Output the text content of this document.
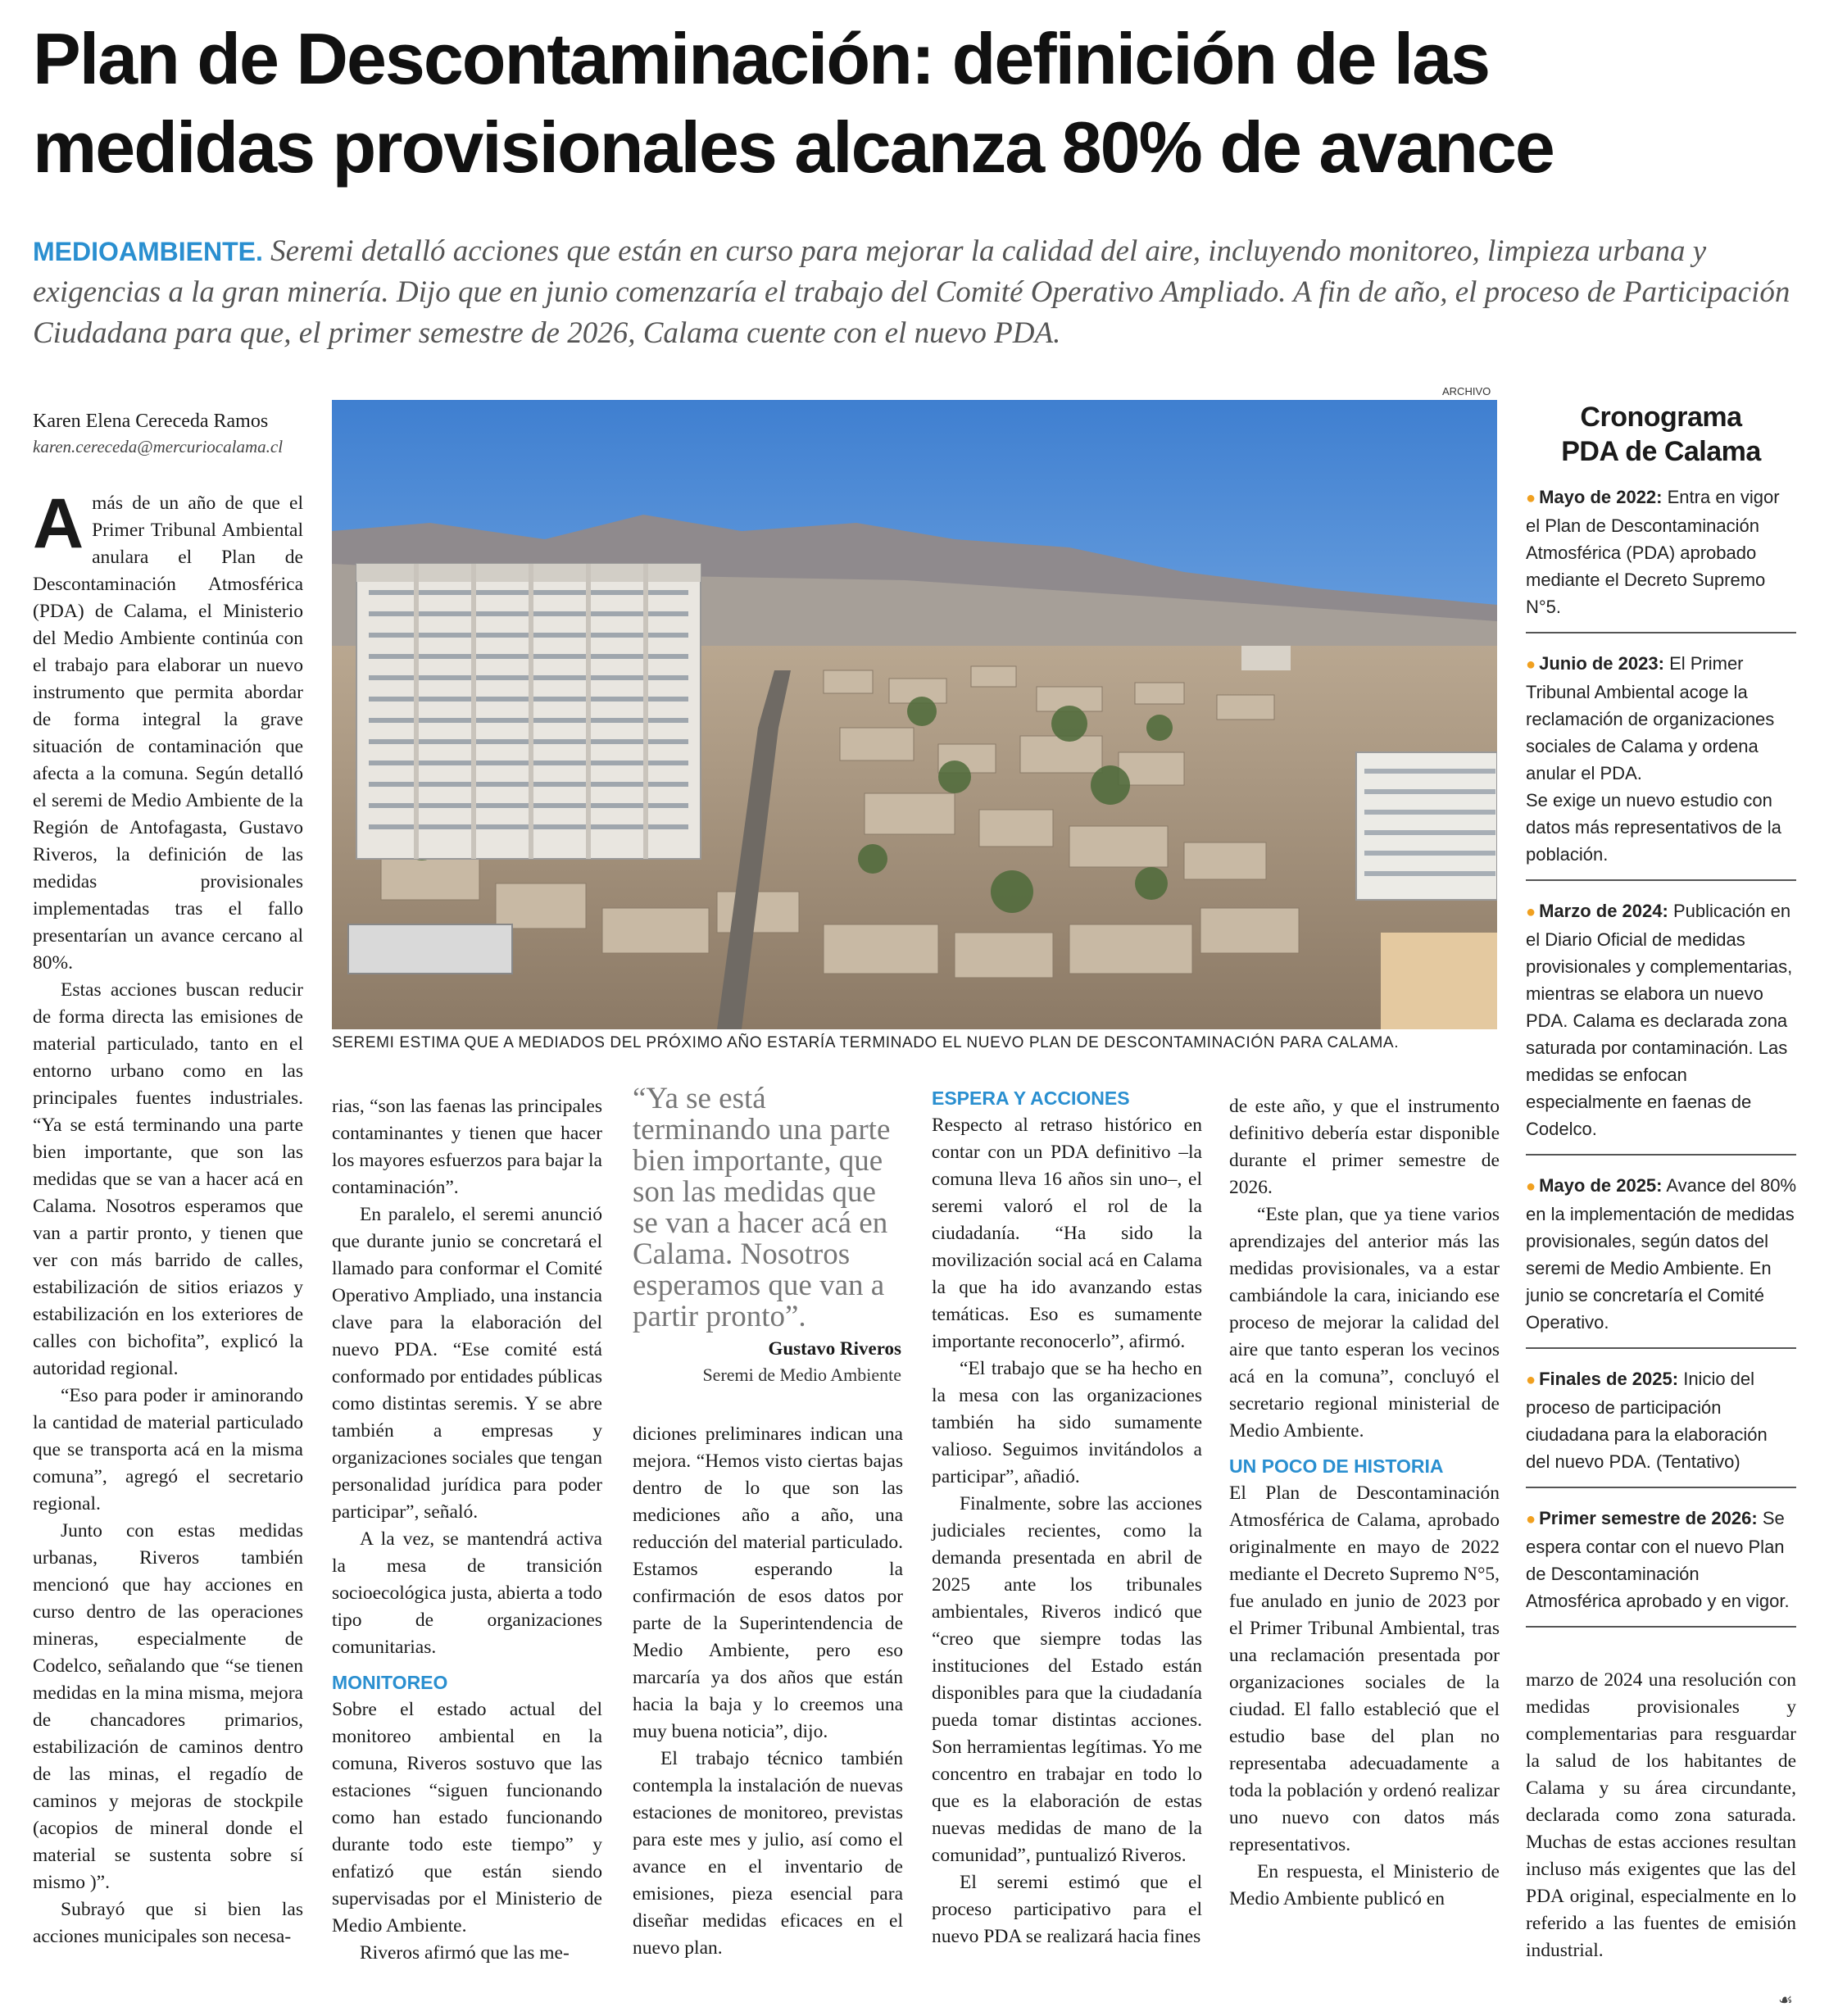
Plan de Descontaminación: definición de las
medidas provisionales alcanza 80% de avance
MEDIOAMBIENTE. Seremi detalló acciones que están en curso para mejorar la calidad del aire, incluyendo monitoreo, limpieza urbana y exigencias a la gran minería. Dijo que en junio comenzaría el trabajo del Comité Operativo Ampliado. A fin de año, el proceso de Participación Ciudadana para que, el primer semestre de 2026, Calama cuente con el nuevo PDA.
Karen Elena Cereceda Ramos
karen.cereceda@mercuriocalama.cl

Amás de un año de que el Primer Tribunal Ambiental anulara el Plan de Descontaminación Atmosférica (PDA) de Calama, el Ministerio del Medio Ambiente continúa con el trabajo para elaborar un nuevo instrumento que permita abordar de forma integral la grave situación de contaminación que afecta a la comuna. Según detalló el seremi de Medio Ambiente de la Región de Antofagasta, Gustavo Riveros, la definición de las medidas provisionales implementadas tras el fallo presentarían un avance cercano al 80%.

Estas acciones buscan reducir de forma directa las emisiones de material particulado, tanto en el entorno urbano como en las principales fuentes industriales. “Ya se está terminando una parte bien importante, que son las medidas que se van a hacer acá en Calama. Nosotros esperamos que van a partir pronto, y tienen que ver con más barrido de calles, estabilización de sitios eriazos y estabilización en los exteriores de calles con bichofita”, explicó la autoridad regional.

“Eso para poder ir aminorando la cantidad de material particulado que se transporta acá en la misma comuna”, agregó el secretario regional.

Junto con estas medidas urbanas, Riveros también mencionó que hay acciones en curso dentro de las operaciones mineras, especialmente de Codelco, señalando que “se tienen medidas en la mina misma, mejora de chancadores primarios, estabilización de caminos dentro de las minas, el regadío de caminos y mejoras de stockpile (acopios de mineral donde el material se sustenta sobre sí mismo )”.

Subrayó que si bien las acciones municipales son necesa-

ARCHIVO
SEREMI ESTIMA QUE A MEDIADOS DEL PRÓXIMO AÑO ESTARÍA TERMINADO EL NUEVO PLAN DE DESCONTAMINACIÓN PARA CALAMA.

rias, “son las faenas las principales contaminantes y tienen que hacer los mayores esfuerzos para bajar la contaminación”.

En paralelo, el seremi anunció que durante junio se concretará el llamado para conformar el Comité Operativo Ampliado, una instancia clave para la elaboración del nuevo PDA. “Ese comité está conformado por entidades públicas como distintas seremis. Y se abre también a empresas y organizaciones sociales que tengan personalidad jurídica para poder participar”, señaló.

A la vez, se mantendrá activa la mesa de transición socioecológica justa, abierta a todo tipo de organizaciones comunitarias.

MONITOREO

Sobre el estado actual del monitoreo ambiental en la comuna, Riveros sostuvo que las estaciones “siguen funcionando como han estado funcionando durante todo este tiempo” y enfatizó que están siendo supervisadas por el Ministerio de Medio Ambiente.

Riveros afirmó que las me-

“Ya se está terminando una parte bien importante, que son las medidas que se van a hacer acá en Calama. Nosotros esperamos que van a partir pronto”.
Gustavo Riveros
Seremi de Medio Ambiente

diciones preliminares indican una mejora. “Hemos visto ciertas bajas dentro de lo que son las mediciones año a año, una reducción del material particulado. Estamos esperando la confirmación de esos datos por parte de la Superintendencia de Medio Ambiente, pero eso marcaría ya dos años que están hacia la baja y lo creemos una muy buena noticia”, dijo.

El trabajo técnico también contempla la instalación de nuevas estaciones de monitoreo, previstas para este mes y julio, así como el avance en el inventario de emisiones, pieza esencial para diseñar medidas eficaces en el nuevo plan.

ESPERA Y ACCIONES

Respecto al retraso histórico en contar con un PDA definitivo –la comuna lleva 16 años sin uno–, el seremi valoró el rol de la ciudadanía. “Ha sido la movilización social acá en Calama la que ha ido avanzando estas temáticas. Eso es sumamente importante reconocerlo”, afirmó.

“El trabajo que se ha hecho en la mesa con las organizaciones también ha sido sumamente valioso. Seguimos invitándolos a participar”, añadió.

Finalmente, sobre las acciones judiciales recientes, como la demanda presentada en abril de 2025 ante los tribunales ambientales, Riveros indicó que “creo que siempre todas las instituciones del Estado están disponibles para que la ciudadanía pueda tomar distintas acciones. Son herramientas legítimas. Yo me concentro en trabajar en todo lo que es la elaboración de estas nuevas medidas de mano de la comunidad”, puntualizó Riveros.

El seremi estimó que el proceso participativo para el nuevo PDA se realizará hacia fines

de este año, y que el instrumento definitivo debería estar disponible durante el primer semestre de 2026.

“Este plan, que ya tiene varios aprendizajes del anterior más las medidas provisionales, va a estar cambiándole la cara, iniciando ese proceso de mejorar la calidad del aire que tanto esperan los vecinos acá en la comuna”, concluyó el secretario regional ministerial de Medio Ambiente.

UN POCO DE HISTORIA

El Plan de Descontaminación Atmosférica de Calama, aprobado originalmente en mayo de 2022 mediante el Decreto Supremo N°5, fue anulado en junio de 2023 por el Primer Tribunal Ambiental, tras una reclamación presentada por organizaciones sociales de la ciudad. El fallo estableció que el estudio base del plan no representaba adecuadamente a toda la población y ordenó realizar uno nuevo con datos más representativos.

En respuesta, el Ministerio de Medio Ambiente publicó en

Cronograma
PDA de Calama
● Mayo de 2022: Entra en vigor el Plan de Descontaminación Atmosférica (PDA) aprobado mediante el Decreto Supremo N°5.
● Junio de 2023: El Primer Tribunal Ambiental acoge la reclamación de organizaciones sociales de Calama y ordena anular el PDA.
Se exige un nuevo estudio con datos más representativos de la población.
● Marzo de 2024: Publicación en el Diario Oficial de medidas provisionales y complementarias, mientras se elabora un nuevo PDA. Calama es declarada zona saturada por contaminación. Las medidas se enfocan especialmente en faenas de Codelco.
● Mayo de 2025: Avance del 80% en la implementación de medidas provisionales, según datos del seremi de Medio Ambiente. En junio se concretaría el Comité Operativo.
● Finales de 2025: Inicio del proceso de participación ciudadana para la elaboración del nuevo PDA. (Tentativo)
● Primer semestre de 2026: Se espera contar con el nuevo Plan de Descontaminación Atmosférica aprobado y en vigor.

marzo de 2024 una resolución con medidas provisionales y complementarias para resguardar la salud de los habitantes de Calama y su área circundante, declarada como zona saturada. Muchas de estas acciones resultan incluso más exigentes que las del PDA original, especialmente en lo referido a las fuentes de emisión industrial.

☙
